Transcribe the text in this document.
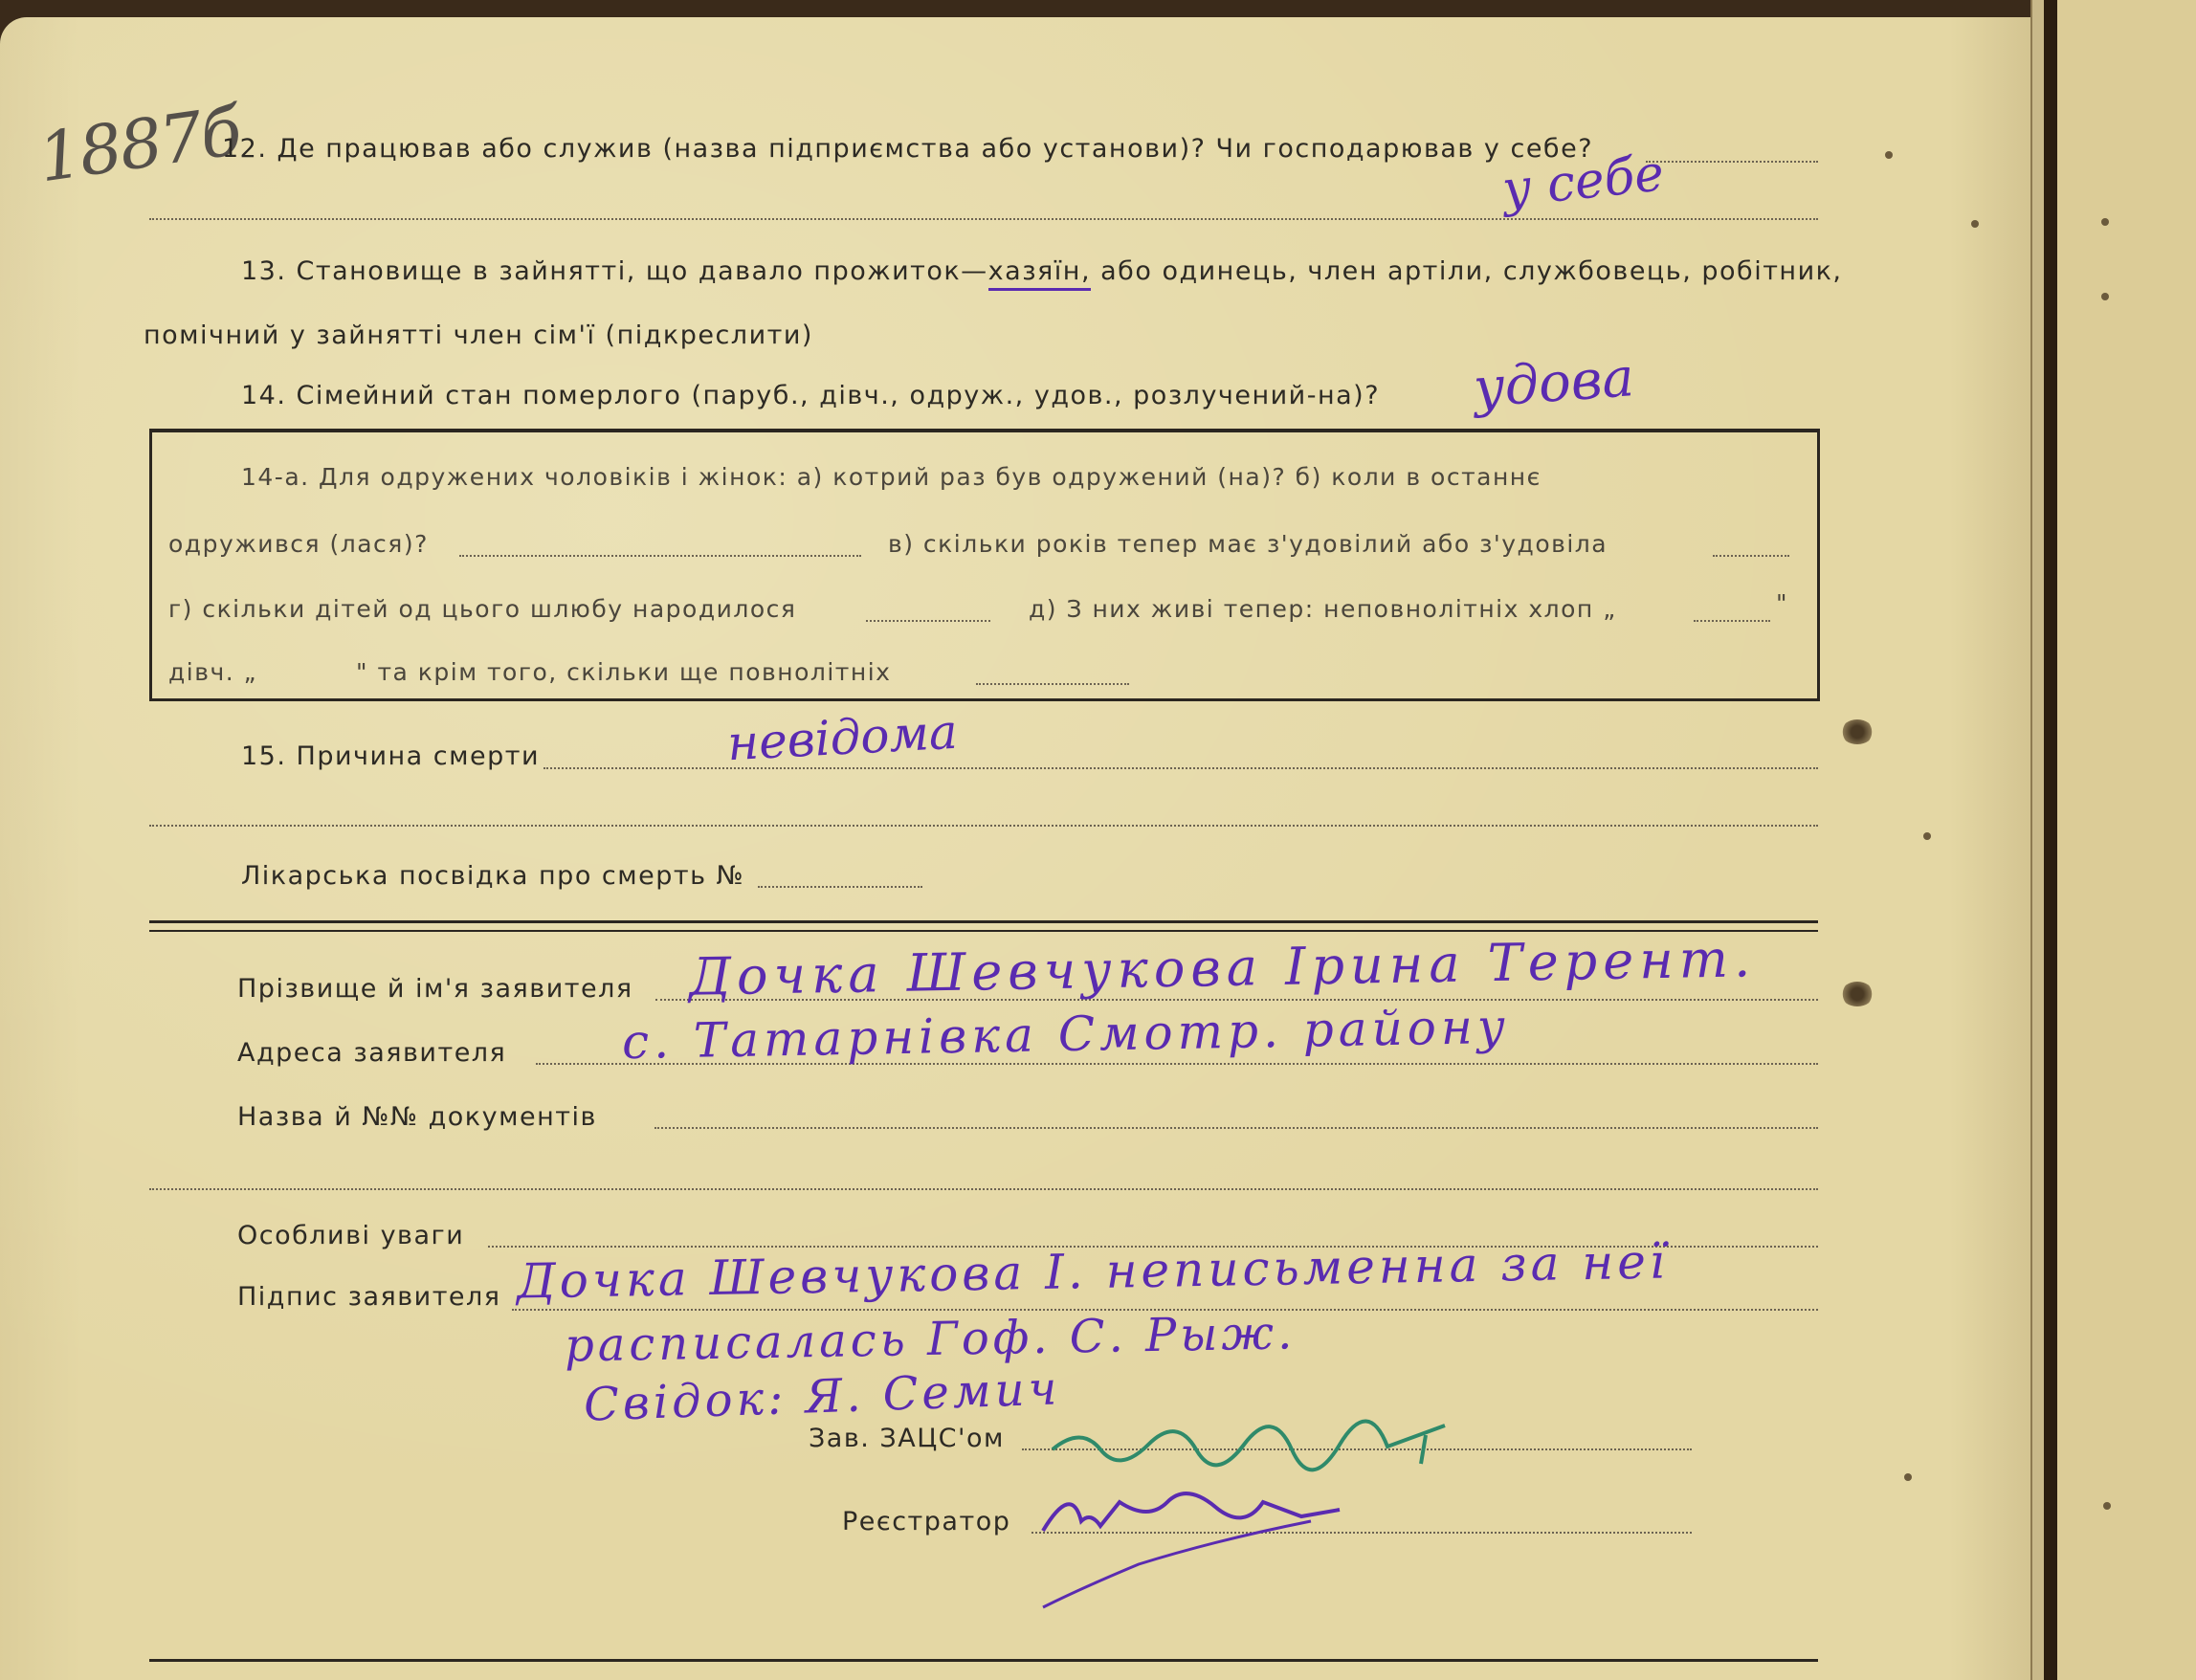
1887б
12. Де працював або служив (назва підприємства або установи)? Чи господарював у себе?
у себе
13. Становище в зайнятті, що давало прожиток—хазяїн, або одинець, член артіли, службовець, робітник,
помічний у зайнятті член сім'ї (підкреслити)
14. Сімейний стан померлого (паруб., дівч., одруж., удов., розлучений-на)? удова
14-а. Для одружених чоловіків і жінок: а) котрий раз був одружений (на)? б) коли в останнє
одружився (лася)?	в) скільки років тепер має з'удовілий або з'удовіла
г) скільки дітей од цього шлюбу народилося	д) З них живі тепер: неповнолітніх хлоп „	"
дівч. „	" та крім того, скільки ще повнолітніх
15. Причина смерти	невідома
Лікарська посвідка про смерть №
Прізвище й ім'я заявителя Дочка Шевчукова Ірина Терент.
Адреса заявителя с. Татарнівка Смотр. району
Назва й №№ документів
Особливі уваги
Підпис заявителя Дочка Шевчукова І. неписьменна за неї
расписалась Гоф. С. Рыж.
Свідок: Я. Семич
Зав. ЗАЦС'ом
Реєстратор
